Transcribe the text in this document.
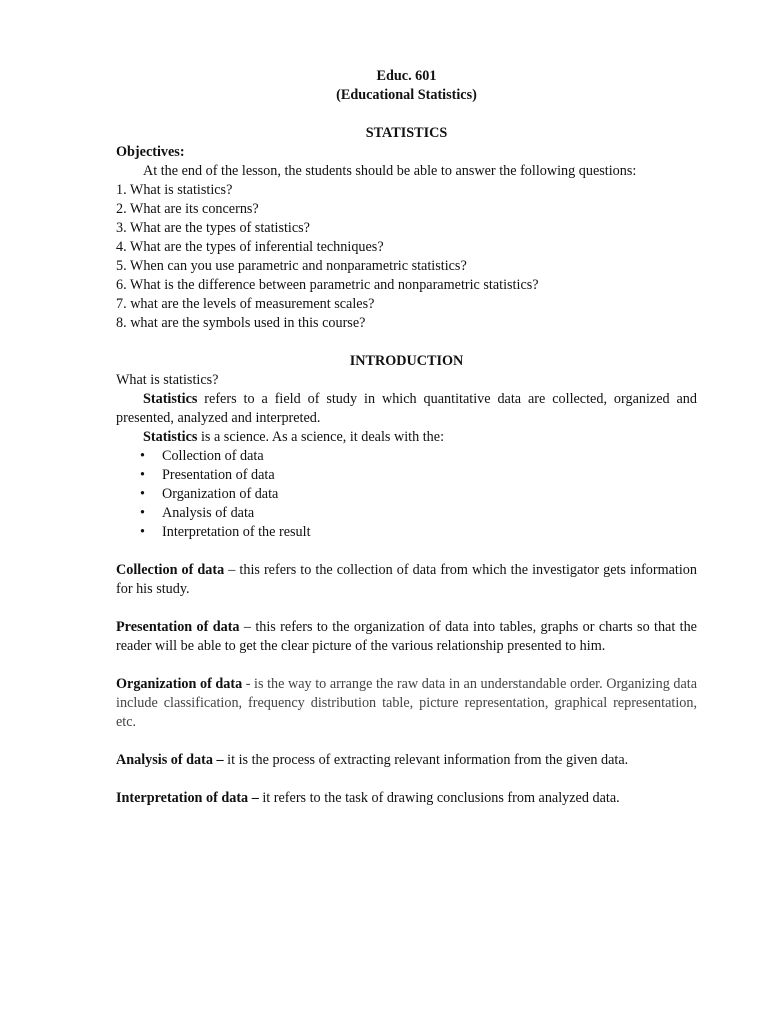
Educ. 601
(Educational Statistics)
STATISTICS
Objectives:
At the end of the lesson, the students should be able to answer the following questions:
1. What is statistics?
2. What are its concerns?
3. What are the types of statistics?
4. What are the types of inferential techniques?
5. When can you use parametric and nonparametric statistics?
6. What is the difference between parametric and nonparametric statistics?
7. what are the levels of measurement scales?
8. what are the symbols used in this course?
INTRODUCTION
What is statistics?
Statistics refers to a field of study in which quantitative data are collected, organized and presented, analyzed and interpreted.
Statistics is a science. As a science, it deals with the:
• Collection of data
• Presentation of data
• Organization of data
• Analysis of data
• Interpretation of the result
Collection of data – this refers to the collection of data from which the investigator gets information for his study.
Presentation of data – this refers to the organization of data into tables, graphs or charts so that the reader will be able to get the clear picture of the various relationship presented to him.
Organization of data - is the way to arrange the raw data in an understandable order. Organizing data include classification, frequency distribution table, picture representation, graphical representation, etc.
Analysis of data – it is the process of extracting relevant information from the given data.
Interpretation of data – it refers to the task of drawing conclusions from analyzed data.
